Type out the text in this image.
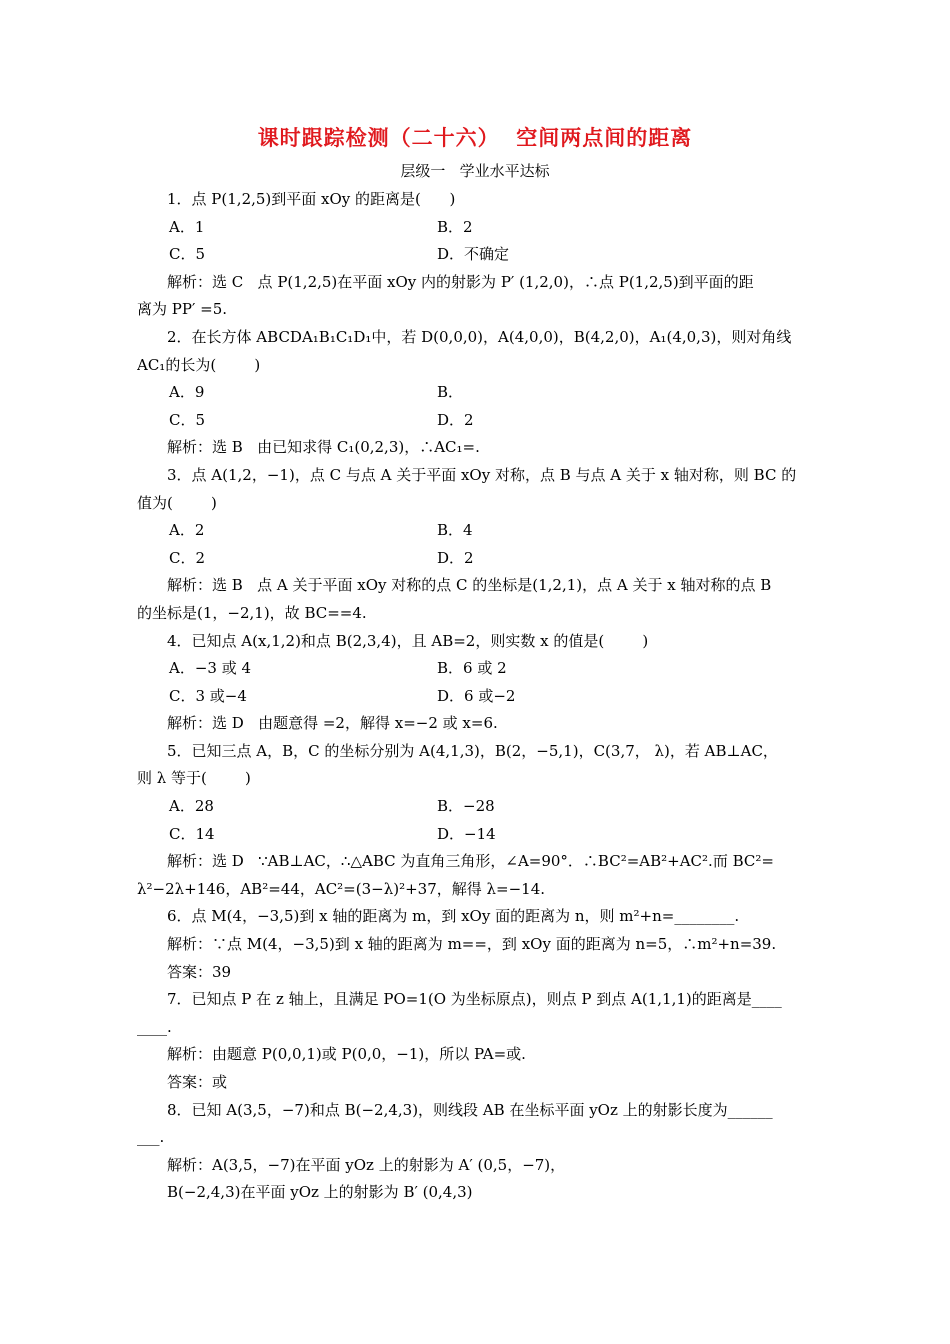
课时跟踪检测（二十六）  空间两点间的距离
层级一   学业水平达标
1．点 P(1,2,5)到平面 xOy 的距离是(      )
A．1	B．2
C．5	D．不确定
解析：选 C   点 P(1,2,5)在平面 xOy 内的射影为 P′ (1,2,0)，∴点 P(1,2,5)到平面的距
离为 PP′ =5.
2．在长方体 ABCDA₁B₁C₁D₁中，若 D(0,0,0)，A(4,0,0)，B(4,2,0)，A₁(4,0,3)，则对角线
AC₁的长为(        )
A．9	B．
C．5	D．2
解析：选 B   由已知求得 C₁(0,2,3)，∴AC₁=.
3．点 A(1,2，−1)，点 C 与点 A 关于平面 xOy 对称，点 B 与点 A 关于 x 轴对称，则 BC 的
值为(        )
A．2	B．4
C．2	D．2
解析：选 B   点 A 关于平面 xOy 对称的点 C 的坐标是(1,2,1)，点 A 关于 x 轴对称的点 B
的坐标是(1，−2,1)，故 BC==4.
4．已知点 A(x,1,2)和点 B(2,3,4)，且 AB=2，则实数 x 的值是(        )
A．−3 或 4	B．6 或 2
C．3 或−4	D．6 或−2
解析：选 D   由题意得 =2，解得 x=−2 或 x=6.
5．已知三点 A，B，C 的坐标分别为 A(4,1,3)，B(2，−5,1)，C(3,7， λ)，若 AB⊥AC，
则 λ 等于(        )
A．28	B．−28
C．14	D．−14
解析：选 D   ∵AB⊥AC，∴△ABC 为直角三角形，∠A=90°．∴BC²=AB²+AC².而 BC²=
λ²−2λ+146，AB²=44，AC²=(3−λ)²+37，解得 λ=−14.
6．点 M(4，−3,5)到 x 轴的距离为 m，到 xOy 面的距离为 n，则 m²+n=________.
解析：∵点 M(4，−3,5)到 x 轴的距离为 m==，到 xOy 面的距离为 n=5，∴m²+n=39.
答案：39
7．已知点 P 在 z 轴上，且满足 PO=1(O 为坐标原点)，则点 P 到点 A(1,1,1)的距离是____
____.
解析：由题意 P(0,0,1)或 P(0,0，−1)，所以 PA=或.
答案：或
8．已知 A(3,5，−7)和点 B(−2,4,3)，则线段 AB 在坐标平面 yOz 上的射影长度为______
___.
解析：A(3,5，−7)在平面 yOz 上的射影为 A′ (0,5，−7)，
B(−2,4,3)在平面 yOz 上的射影为 B′ (0,4,3)
